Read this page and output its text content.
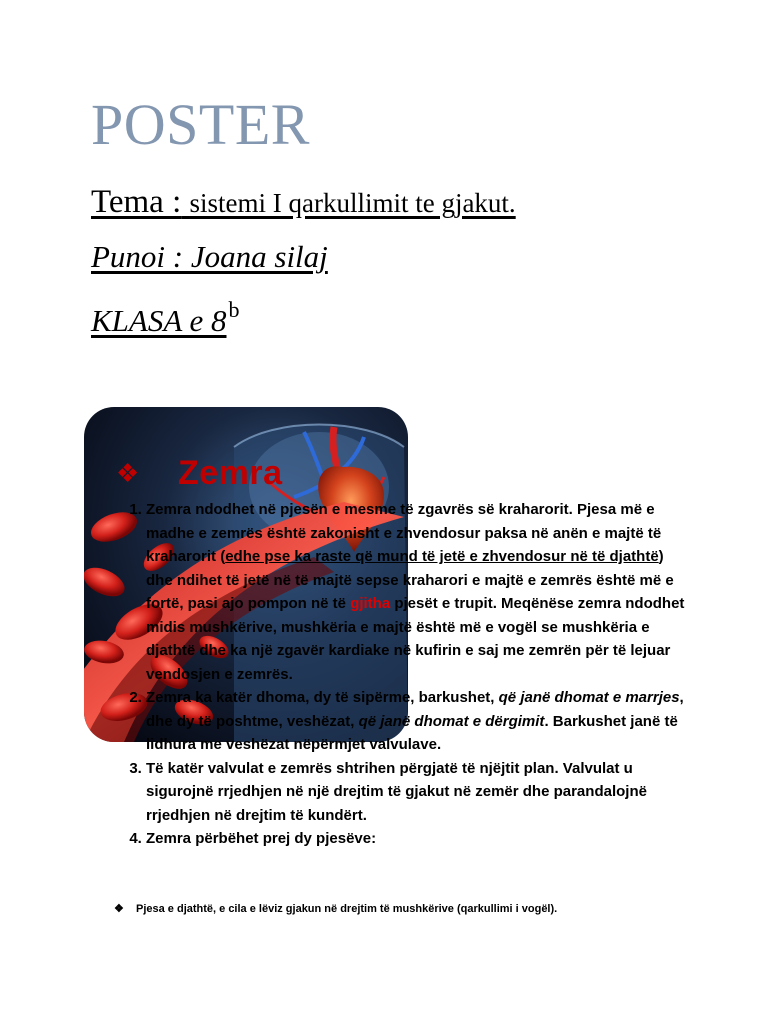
POSTER
Tema : sistemi I qarkullimit te gjakut.
Punoi : Joana silaj
KLASA e 8$^b$
❖	Zemra
1. Zemra ndodhet në pjesën e mesme të zgavrës së kraharorit. Pjesa më e madhe e zemrës është zakonisht e zhvendosur paksa në anën e majtë të kraharorit (edhe pse ka raste që mund të jetë e zhvendosur në të djathtë) dhe ndihet të jetë në të majtë sepse kraharori e majtë e zemrës është më e fortë, pasi ajo pompon në të gjitha pjesët e trupit. Meqënëse zemra ndodhet midis mushkërive, mushkëria e majtë është më e vogël se mushkëria e djathtë dhe ka një zgavër kardiake në kufirin e saj me zemrën për të lejuar vendosjen e zemrës.
2. Zemra ka katër dhoma, dy të sipërme, barkushet, që janë dhomat e marrjes, dhe dy të poshtme, veshëzat, që janë dhomat e dërgimit. Barkushet janë të lidhura me veshëzat nëpërmjet valvulave.
3. Të katër valvulat e zemrës shtrihen përgjatë të njëjtit plan. Valvulat u sigurojnë rrjedhjen në një drejtim të gjakut në zemër dhe parandalojnë rrjedhjen në drejtim të kundërt.
4. Zemra përbëhet prej dy pjesëve:
❖ Pjesa e djathtë, e cila e lëviz gjakun në drejtim të mushkërive (qarkullimi i vogël).
